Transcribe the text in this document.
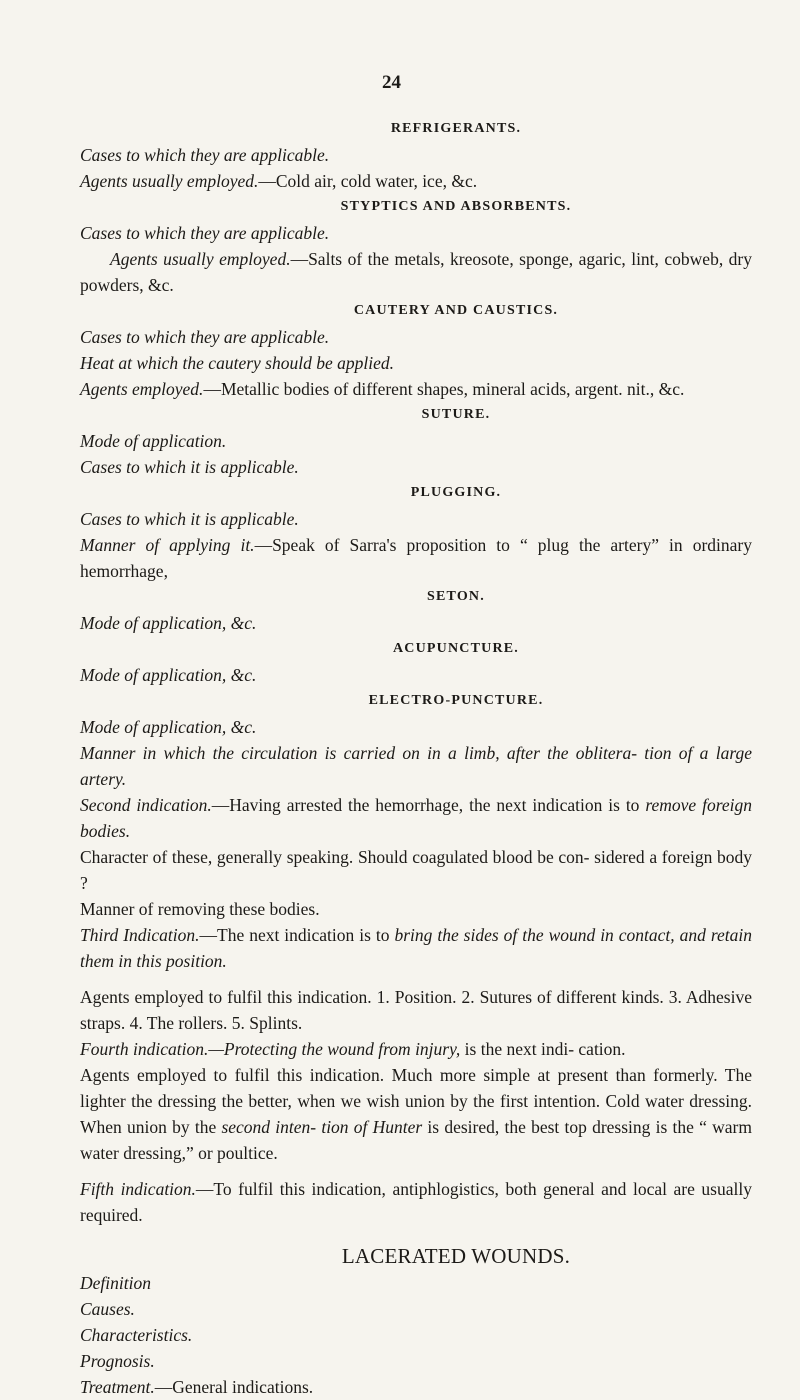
24
REFRIGERANTS.

Cases to which they are applicable.

Agents usually employed.—Cold air, cold water, ice, &c.

STYPTICS AND ABSORBENTS.

Cases to which they are applicable.

Agents usually employed.—Salts of the metals, kreosote, sponge, agaric, lint, cobweb, dry powders, &c.

CAUTERY AND CAUSTICS.

Cases to which they are applicable.

Heat at which the cautery should be applied.

Agents employed.—Metallic bodies of different shapes, mineral acids, argent. nit., &c.

SUTURE.

Mode of application.

Cases to which it is applicable.

PLUGGING.

Cases to which it is applicable.

Manner of applying it.—Speak of Sarra's proposition to “ plug the artery” in ordinary hemorrhage,

SETON.

Mode of application, &c.

ACUPUNCTURE.

Mode of application, &c.

ELECTRO-PUNCTURE.

Mode of application, &c.

Manner in which the circulation is carried on in a limb, after the oblitera- tion of a large artery.

Second indication.—Having arrested the hemorrhage, the next indication is to remove foreign bodies.

Character of these, generally speaking. Should coagulated blood be con- sidered a foreign body ?

Manner of removing these bodies.

Third Indication.—The next indication is to bring the sides of the wound in contact, and retain them in this position.

Agents employed to fulfil this indication. 1. Position. 2. Sutures of different kinds. 3. Adhesive straps. 4. The rollers. 5. Splints.

Fourth indication.—Protecting the wound from injury, is the next indi- cation.

Agents employed to fulfil this indication. Much more simple at present than formerly. The lighter the dressing the better, when we wish union by the first intention. Cold water dressing. When union by the second inten- tion of Hunter is desired, the best top dressing is the “ warm water dressing,” or poultice.

Fifth indication.—To fulfil this indication, antiphlogistics, both general and local are usually required.

LACERATED WOUNDS.

Definition

Causes.

Characteristics.

Prognosis.

Treatment.—General indications.
